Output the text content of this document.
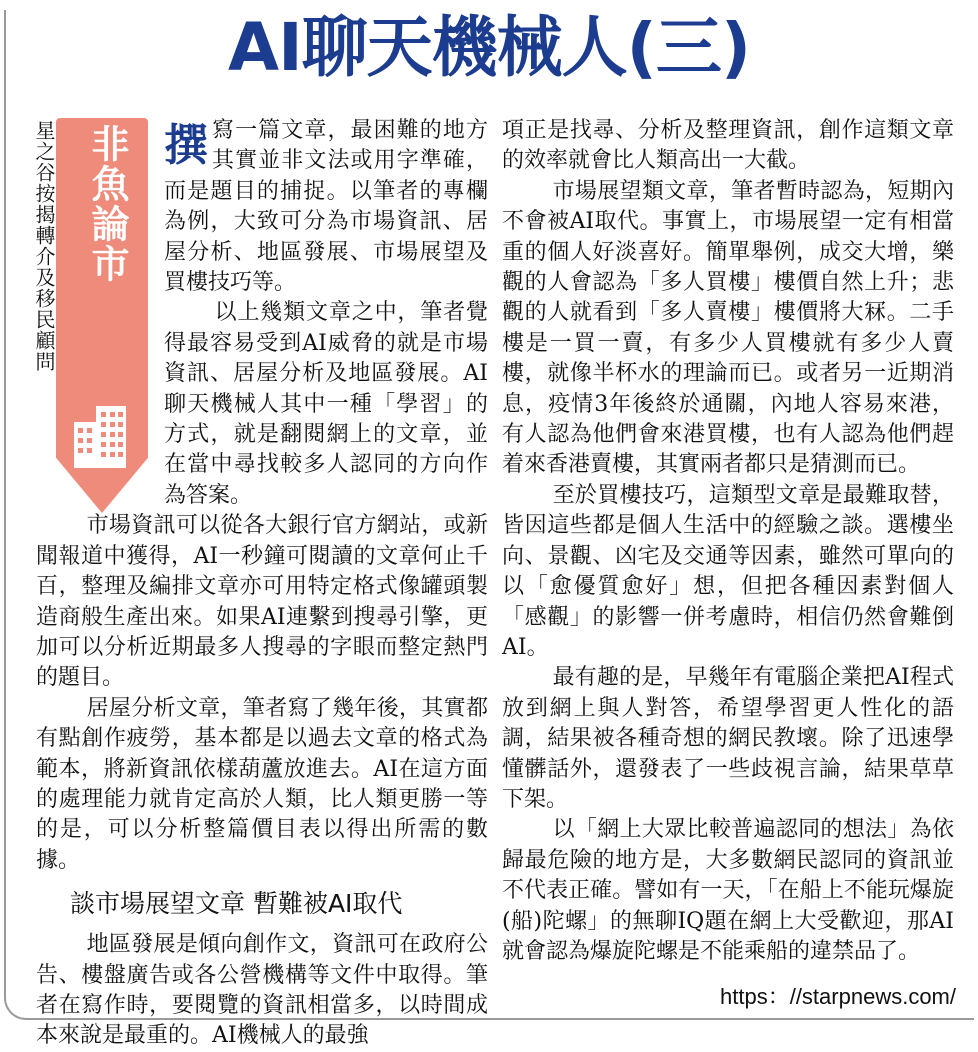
AI聊天機械人(三)
星之谷按揭轉介及移民顧問 非魚論市 撰寫一篇文章，最困難的地方其實並非文法或用字準確，而是題目的捕捉。以筆者的專欄為例，大致可分為市場資訊、居屋分析、地區發展、市場展望及買樓技巧等。

以上幾類文章之中，筆者覺得最容易受到AI威脅的就是市場資訊、居屋分析及地區發展。AI聊天機械人其中一種「學習」的方式，就是翻閱網上的文章，並在當中尋找較多人認同的方向作為答案。

市場資訊可以從各大銀行官方網站，或新聞報道中獲得，AI一秒鐘可閱讀的文章何止千百，整理及編排文章亦可用特定格式像罐頭製造商般生產出來。如果AI連繫到搜尋引擎，更加可以分析近期最多人搜尋的字眼而整定熱門的題目。

居屋分析文章，筆者寫了幾年後，其實都有點創作疲勞，基本都是以過去文章的格式為範本，將新資訊依樣葫蘆放進去。AI在這方面的處理能力就肯定高於人類，比人類更勝一等的是，可以分析整篇價目表以得出所需的數據。

談市場展望文章 暫難被AI取代

地區發展是傾向創作文，資訊可在政府公告、樓盤廣告或各公營機構等文件中取得。筆者在寫作時，要閱覽的資訊相當多，以時間成本來說是最重的。AI機械人的最強

項正是找尋、分析及整理資訊，創作這類文章的效率就會比人類高出一大截。

市場展望類文章，筆者暫時認為，短期內不會被AI取代。事實上，市場展望一定有相當重的個人好淡喜好。簡單舉例，成交大增，樂觀的人會認為「多人買樓」樓價自然上升；悲觀的人就看到「多人賣樓」樓價將大冧。二手樓是一買一賣，有多少人買樓就有多少人賣樓，就像半杯水的理論而已。或者另一近期消息，疫情3年後終於通關，內地人容易來港，有人認為他們會來港買樓，也有人認為他們趕着來香港賣樓，其實兩者都只是猜測而已。

至於買樓技巧，這類型文章是最難取替，皆因這些都是個人生活中的經驗之談。選樓坐向、景觀、凶宅及交通等因素，雖然可單向的以「愈優質愈好」想，但把各種因素對個人「感觀」的影響一併考慮時，相信仍然會難倒AI。

最有趣的是，早幾年有電腦企業把AI程式放到網上與人對答，希望學習更人性化的語調，結果被各種奇想的網民教壞。除了迅速學懂髒話外，還發表了一些歧視言論，結果草草下架。

以「網上大眾比較普遍認同的想法」為依歸最危險的地方是，大多數網民認同的資訊並不代表正確。譬如有一天，「在船上不能玩爆旋(船)陀螺」的無聊IQ題在網上大受歡迎，那AI就會認為爆旋陀螺是不能乘船的違禁品了。

https：//starpnews.com/
